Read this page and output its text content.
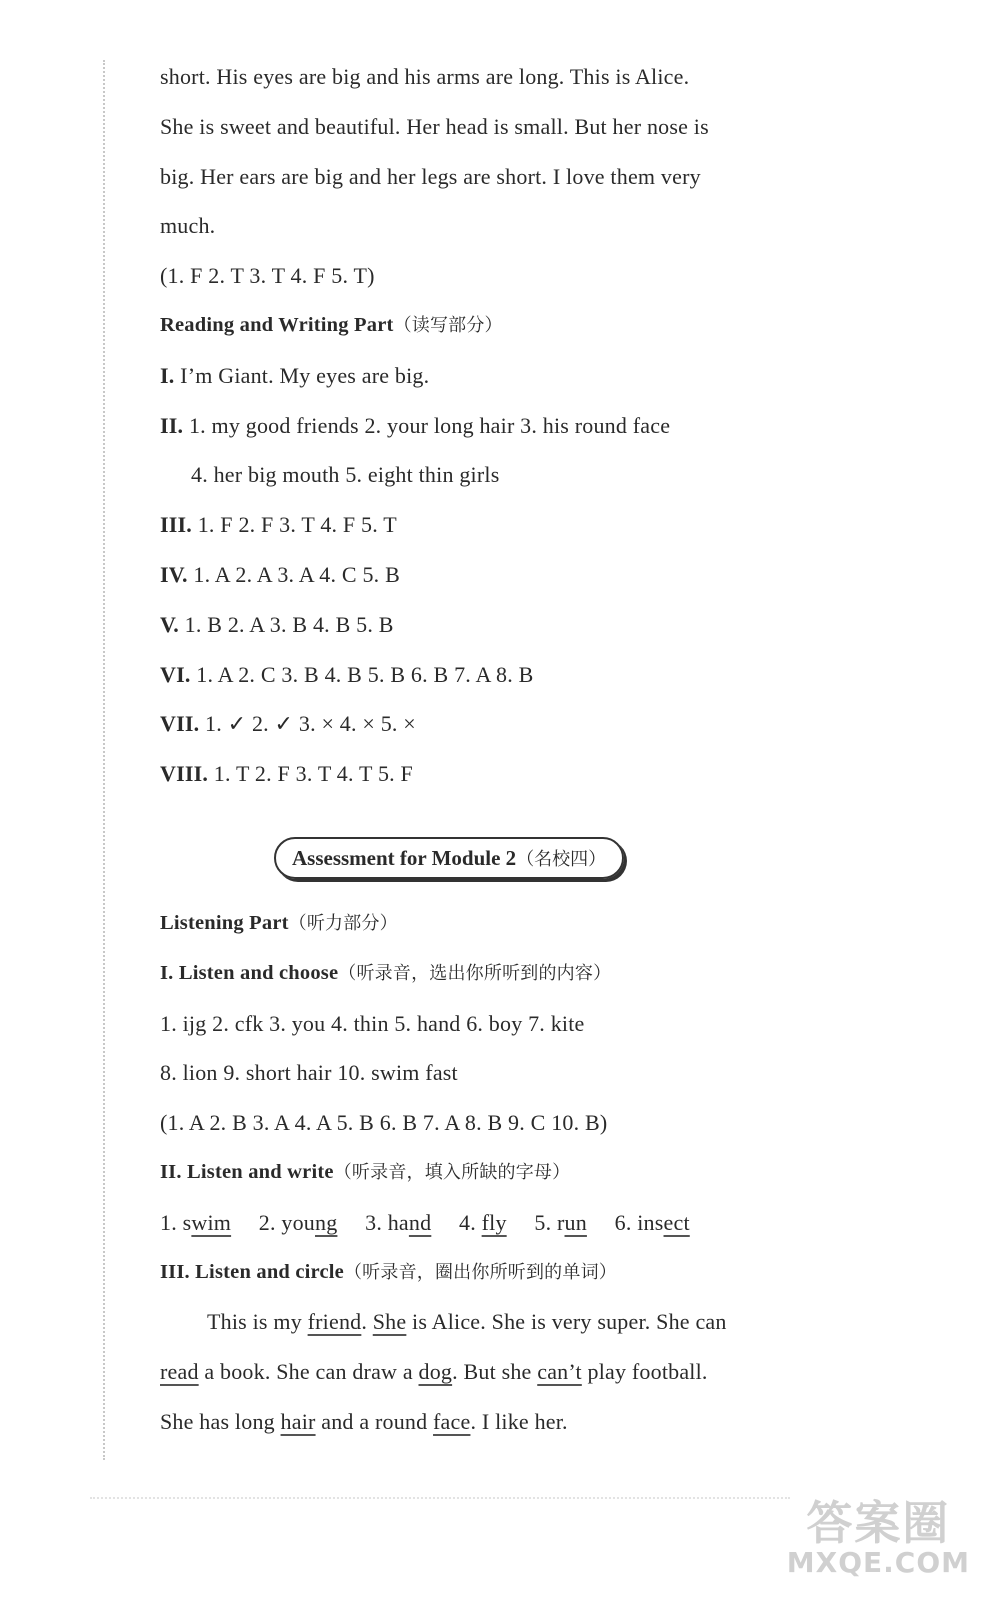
short. His eyes are big and his arms are long. This is Alice.
She is sweet and beautiful. Her head is small. But her nose is
big. Her ears are big and her legs are short. I love them very
much.
(1. F 2. T 3. T 4. F 5. T)
Reading and Writing Part（读写部分）
I. I’m Giant. My eyes are big.
II. 1. my good friends 2. your long hair 3. his round face
4. her big mouth 5. eight thin girls
III. 1. F 2. F 3. T 4. F 5. T
IV. 1. A 2. A 3. A 4. C 5. B
V. 1. B 2. A 3. B 4. B 5. B
VI. 1. A 2. C 3. B 4. B 5. B 6. B 7. A 8. B
VII. 1. ✓ 2. ✓ 3. × 4. × 5. ×
VIII. 1. T 2. F 3. T 4. T 5. F
Assessment for Module 2（名校四）
Listening Part（听力部分）
I. Listen and choose（听录音，选出你所听到的内容）
1. ijg 2. cfk 3. you 4. thin 5. hand 6. boy 7. kite
8. lion 9. short hair 10. swim fast
(1. A 2. B 3. A 4. A 5. B 6. B 7. A 8. B 9. C 10. B)
II. Listen and write（听录音，填入所缺的字母）
1. swim 2. young 3. hand 4. fly 5. run 6. insect
III. Listen and circle（听录音，圈出你所听到的单词）
This is my friend. She is Alice. She is very super. She can
read a book. She can draw a dog. But she can’t play football.
She has long hair and a round face. I like her.
答案圈
MXQE.COM
